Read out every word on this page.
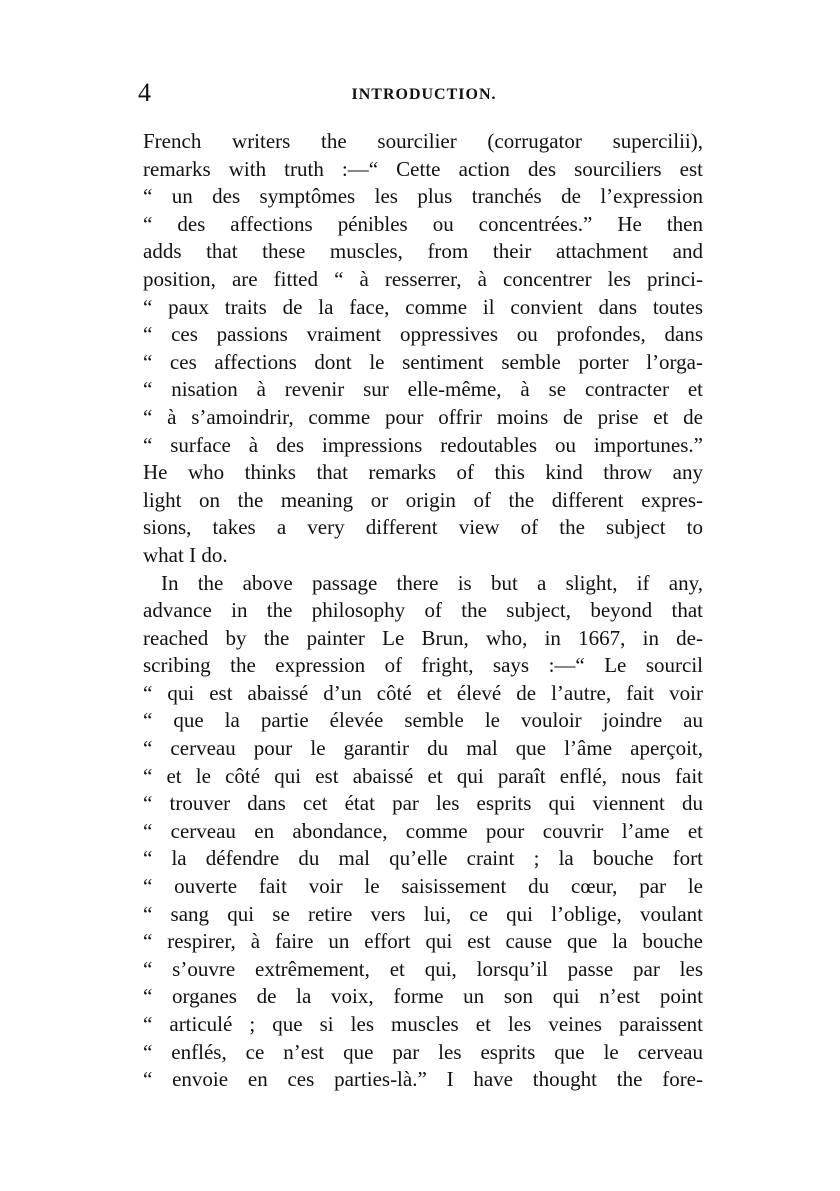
4	INTRODUCTION.
French writers the sourcilier (corrugator supercilii),
remarks with truth :—“ Cette action des sourciliers est
“ un des symptômes les plus tranchés de l’expression
“ des affections pénibles ou concentrées.” He then
adds that these muscles, from their attachment and
position, are fitted “ à resserrer, à concentrer les princi-
“ paux traits de la face, comme il convient dans toutes
“ ces passions vraiment oppressives ou profondes, dans
“ ces affections dont le sentiment semble porter l’orga-
“ nisation à revenir sur elle-même, à se contracter et
“ à s’amoindrir, comme pour offrir moins de prise et de
“ surface à des impressions redoutables ou importunes.”
He who thinks that remarks of this kind throw any
light on the meaning or origin of the different expres-
sions, takes a very different view of the subject to
what I do.
In the above passage there is but a slight, if any,
advance in the philosophy of the subject, beyond that
reached by the painter Le Brun, who, in 1667, in de-
scribing the expression of fright, says :—“ Le sourcil
“ qui est abaissé d’un côté et élevé de l’autre, fait voir
“ que la partie élevée semble le vouloir joindre au
“ cerveau pour le garantir du mal que l’âme aperçoit,
“ et le côté qui est abaissé et qui paraît enflé, nous fait
“ trouver dans cet état par les esprits qui viennent du
“ cerveau en abondance, comme pour couvrir l’ame et
“ la défendre du mal qu’elle craint ; la bouche fort
“ ouverte fait voir le saisissement du cœur, par le
“ sang qui se retire vers lui, ce qui l’oblige, voulant
“ respirer, à faire un effort qui est cause que la bouche
“ s’ouvre extrêmement, et qui, lorsqu’il passe par les
“ organes de la voix, forme un son qui n’est point
“ articulé ; que si les muscles et les veines paraissent
“ enflés, ce n’est que par les esprits que le cerveau
“ envoie en ces parties-là.” I have thought the fore-
